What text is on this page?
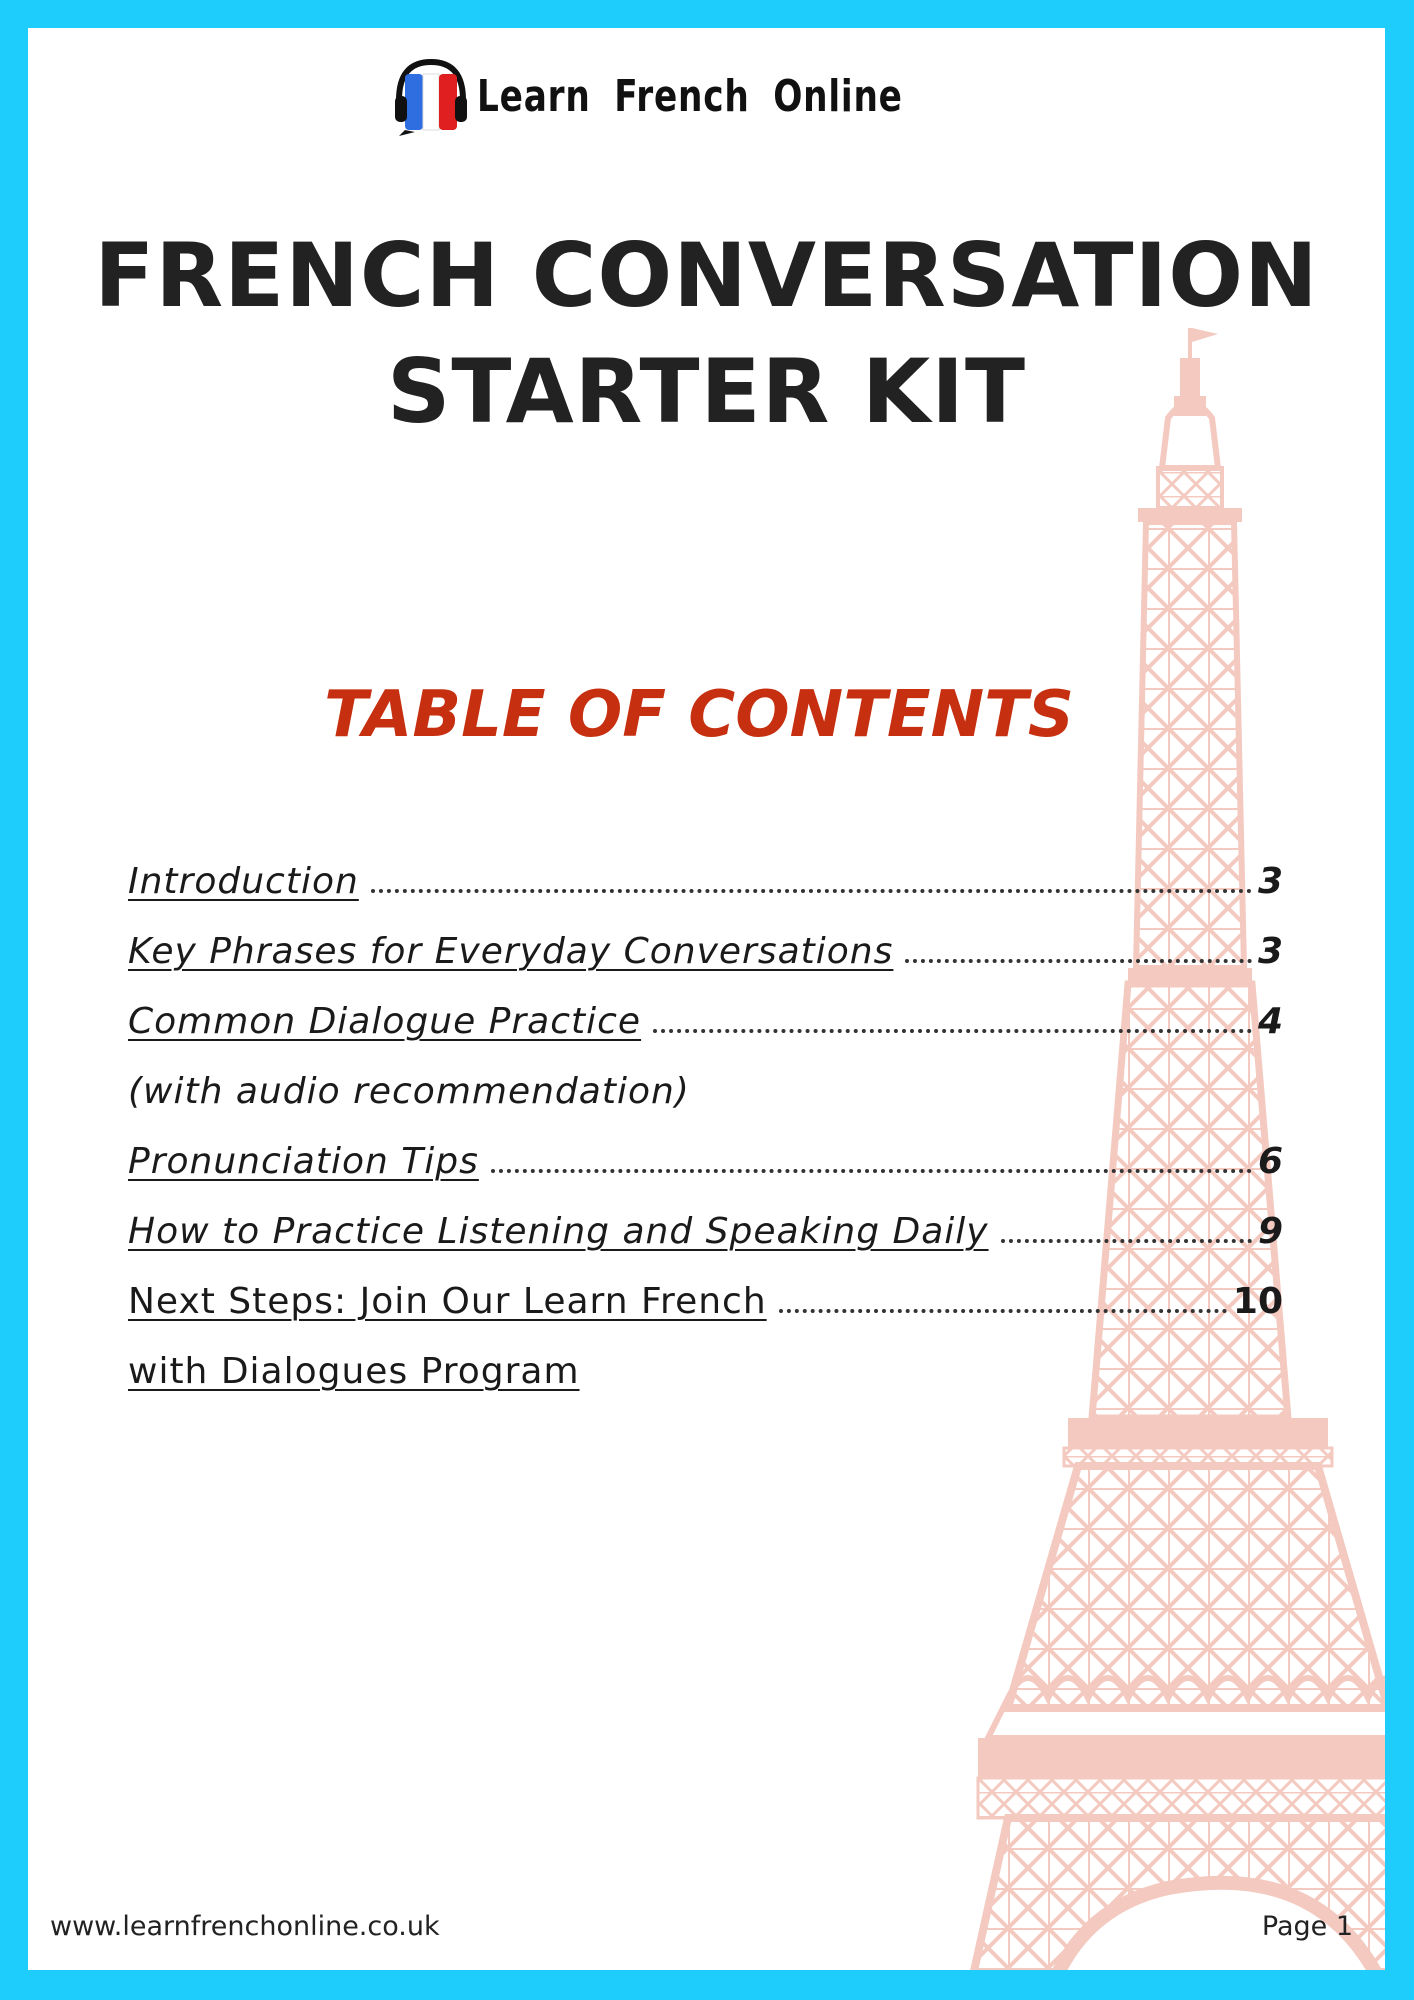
Learn French Online
FRENCH CONVERSATION
STARTER KIT
TABLE OF CONTENTS
Introduction	3
Key Phrases for Everyday Conversations	3
Common Dialogue Practice	4
(with audio recommendation)
Pronunciation Tips	6
How to Practice Listening and Speaking Daily	9
Next Steps: Join Our Learn French	10
with Dialogues Program
www.learnfrenchonline.co.uk	Page 1
